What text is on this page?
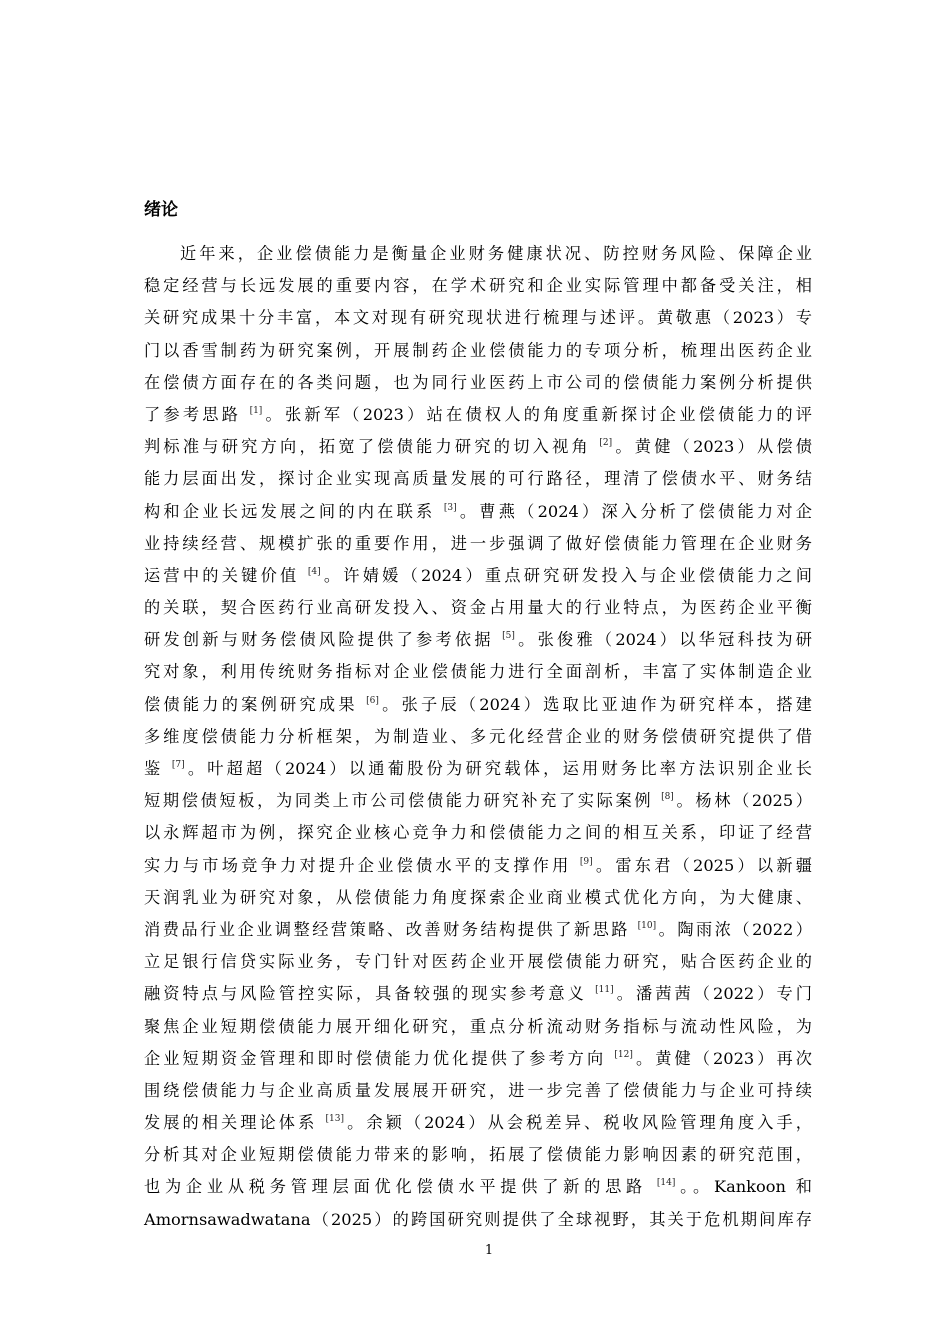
绪论
近年来，企业偿债能力是衡量企业财务健康状况、防控财务风险、保障企业
稳定经营与长远发展的重要内容，在学术研究和企业实际管理中都备受关注，相
关研究成果十分丰富，本文对现有研究现状进行梳理与述评。黄敬惠（2023）专
门以香雪制药为研究案例，开展制药企业偿债能力的专项分析，梳理出医药企业
在偿债方面存在的各类问题，也为同行业医药上市公司的偿债能力案例分析提供
了参考思路 [1]。张新军（2023）站在债权人的角度重新探讨企业偿债能力的评
判标准与研究方向，拓宽了偿债能力研究的切入视角 [2]。黄健（2023）从偿债
能力层面出发，探讨企业实现高质量发展的可行路径，理清了偿债水平、财务结
构和企业长远发展之间的内在联系 [3]。曹燕（2024）深入分析了偿债能力对企
业持续经营、规模扩张的重要作用，进一步强调了做好偿债能力管理在企业财务
运营中的关键价值 [4]。许婧媛（2024）重点研究研发投入与企业偿债能力之间
的关联，契合医药行业高研发投入、资金占用量大的行业特点，为医药企业平衡
研发创新与财务偿债风险提供了参考依据 [5]。张俊雅（2024）以华冠科技为研
究对象，利用传统财务指标对企业偿债能力进行全面剖析，丰富了实体制造企业
偿债能力的案例研究成果 [6]。张子辰（2024）选取比亚迪作为研究样本，搭建
多维度偿债能力分析框架，为制造业、多元化经营企业的财务偿债研究提供了借
鉴 [7]。叶超超（2024）以通葡股份为研究载体，运用财务比率方法识别企业长
短期偿债短板，为同类上市公司偿债能力研究补充了实际案例 [8]。杨林（2025）
以永辉超市为例，探究企业核心竞争力和偿债能力之间的相互关系，印证了经营
实力与市场竞争力对提升企业偿债水平的支撑作用 [9]。雷东君（2025）以新疆
天润乳业为研究对象，从偿债能力角度探索企业商业模式优化方向，为大健康、
消费品行业企业调整经营策略、改善财务结构提供了新思路 [10]。陶雨浓（2022）
立足银行信贷实际业务，专门针对医药企业开展偿债能力研究，贴合医药企业的
融资特点与风险管控实际，具备较强的现实参考意义 [11]。潘茜茜（2022）专门
聚焦企业短期偿债能力展开细化研究，重点分析流动财务指标与流动性风险，为
企业短期资金管理和即时偿债能力优化提供了参考方向 [12]。黄健（2023）再次
围绕偿债能力与企业高质量发展展开研究，进一步完善了偿债能力与企业可持续
发展的相关理论体系 [13]。余颖（2024）从会税差异、税收风险管理角度入手，
分析其对企业短期偿债能力带来的影响，拓展了偿债能力影响因素的研究范围，
也为企业从税务管理层面优化偿债水平提供了新的思路 [14]。。Kankoon 和
Amornsawadwatana（2025）的跨国研究则提供了全球视野，其关于危机期间库存
1
